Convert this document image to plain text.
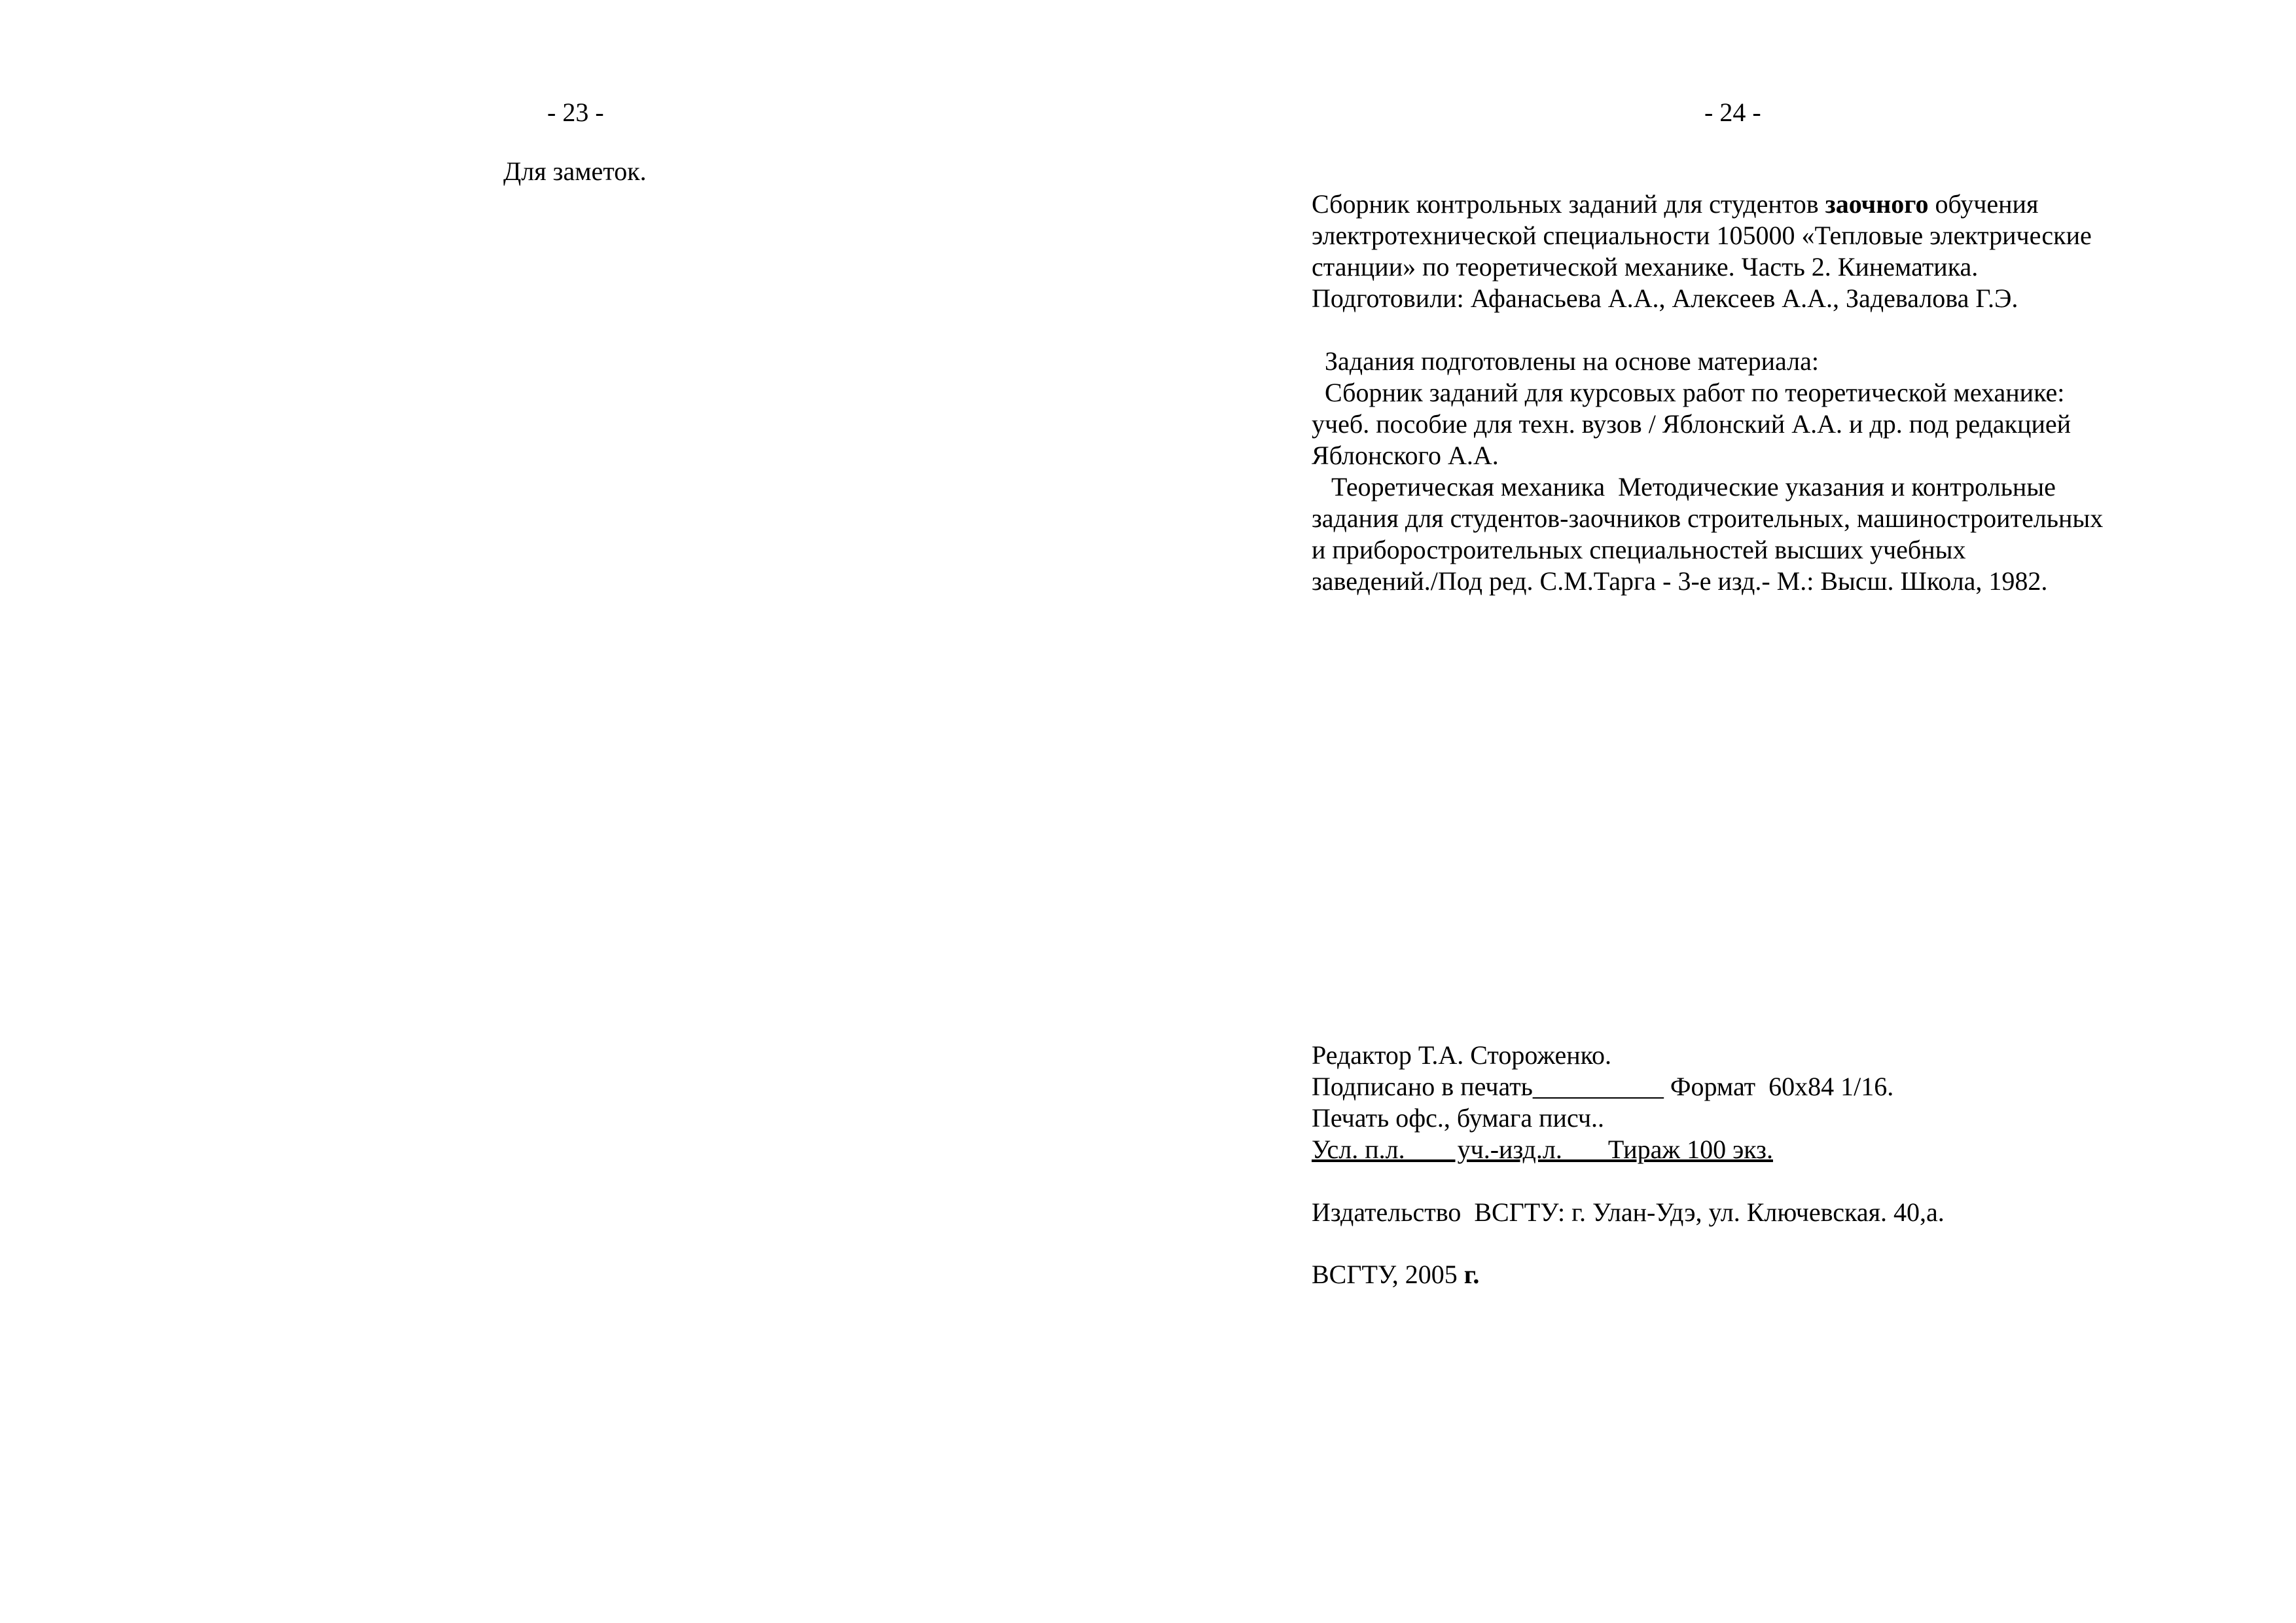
- 23 -
Для заметок.
- 24 -
Сборник контрольных заданий для студентов заочного обучения
электротехнической специальности 105000 «Тепловые электрические
станции» по теоретической механике. Часть 2. Кинематика.
Подготовили: Афанасьева А.А., Алексеев А.А., Задевалова Г.Э.
Задания подготовлены на основе материала:
Сборник заданий для курсовых работ по теоретической механике:
учеб. пособие для техн. вузов / Яблонский А.А. и др. под редакцией
Яблонского А.А.
Теоретическая механика  Методические указания и контрольные
задания для студентов-заочников строительных, машиностроительных
и приборостроительных специальностей высших учебных
заведений./Под ред. С.М.Тарга - 3-е изд.- М.: Высш. Школа, 1982.
Редактор Т.А. Стороженко.
Подписано в печать__________ Формат  60х84 1/16.
Печать офс., бумага писч..
Усл. п.л.        уч.-изд.л.       Тираж 100 экз.
Издательство  ВСГТУ: г. Улан-Удэ, ул. Ключевская. 40,а.
ВСГТУ, 2005 г.
